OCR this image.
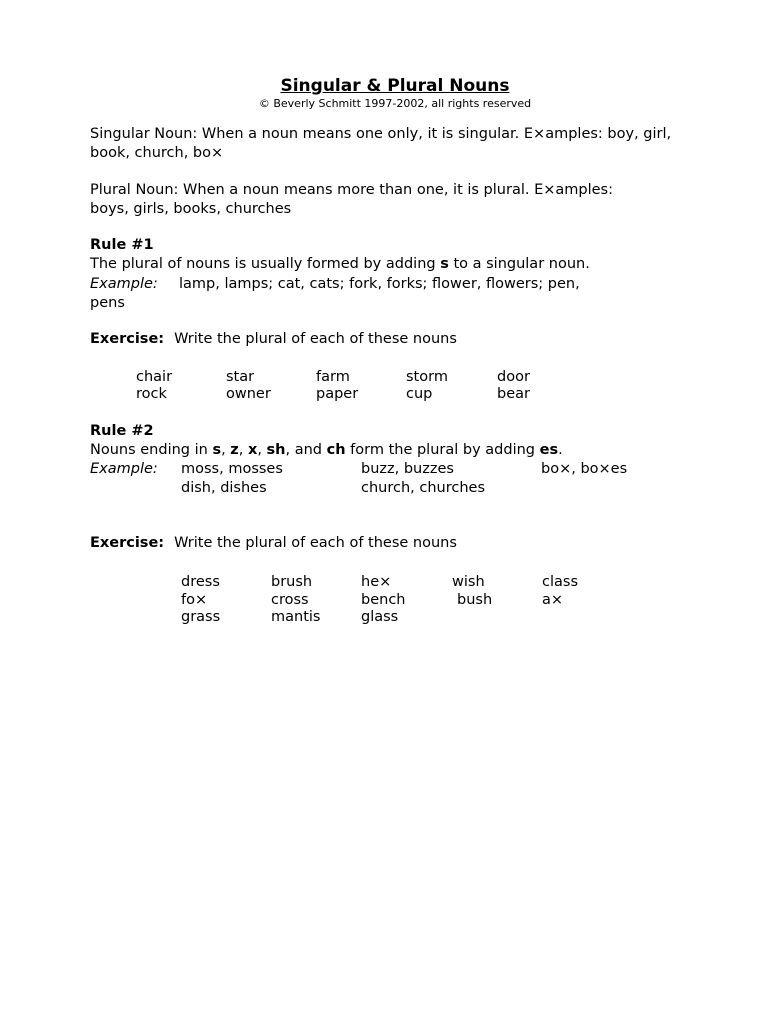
Singular & Plural Nouns
© Beverly Schmitt 1997-2002, all rights reserved
Singular Noun: When a noun means one only, it is singular. E×amples: boy, girl,
book, church, bo×
Plural Noun: When a noun means more than one, it is plural. E×amples:
boys, girls, books, churches
Rule #1
The plural of nouns is usually formed by adding s to a singular noun.
Example: lamp, lamps; cat, cats; fork, forks; flower, flowers; pen,
pens
Exercise: Write the plural of each of these nouns
chair	star	farm	storm	door
rock	owner	paper	cup	bear
Rule #2
Nouns ending in s, z, x, sh, and ch form the plural by adding es.
Example: moss, mosses	buzz, buzzes	bo×, bo×es
dish, dishes	church, churches
Exercise: Write the plural of each of these nouns
dress	brush	he×	wish	class
fo×	cross	bench	bush	a×
grass	mantis	glass
